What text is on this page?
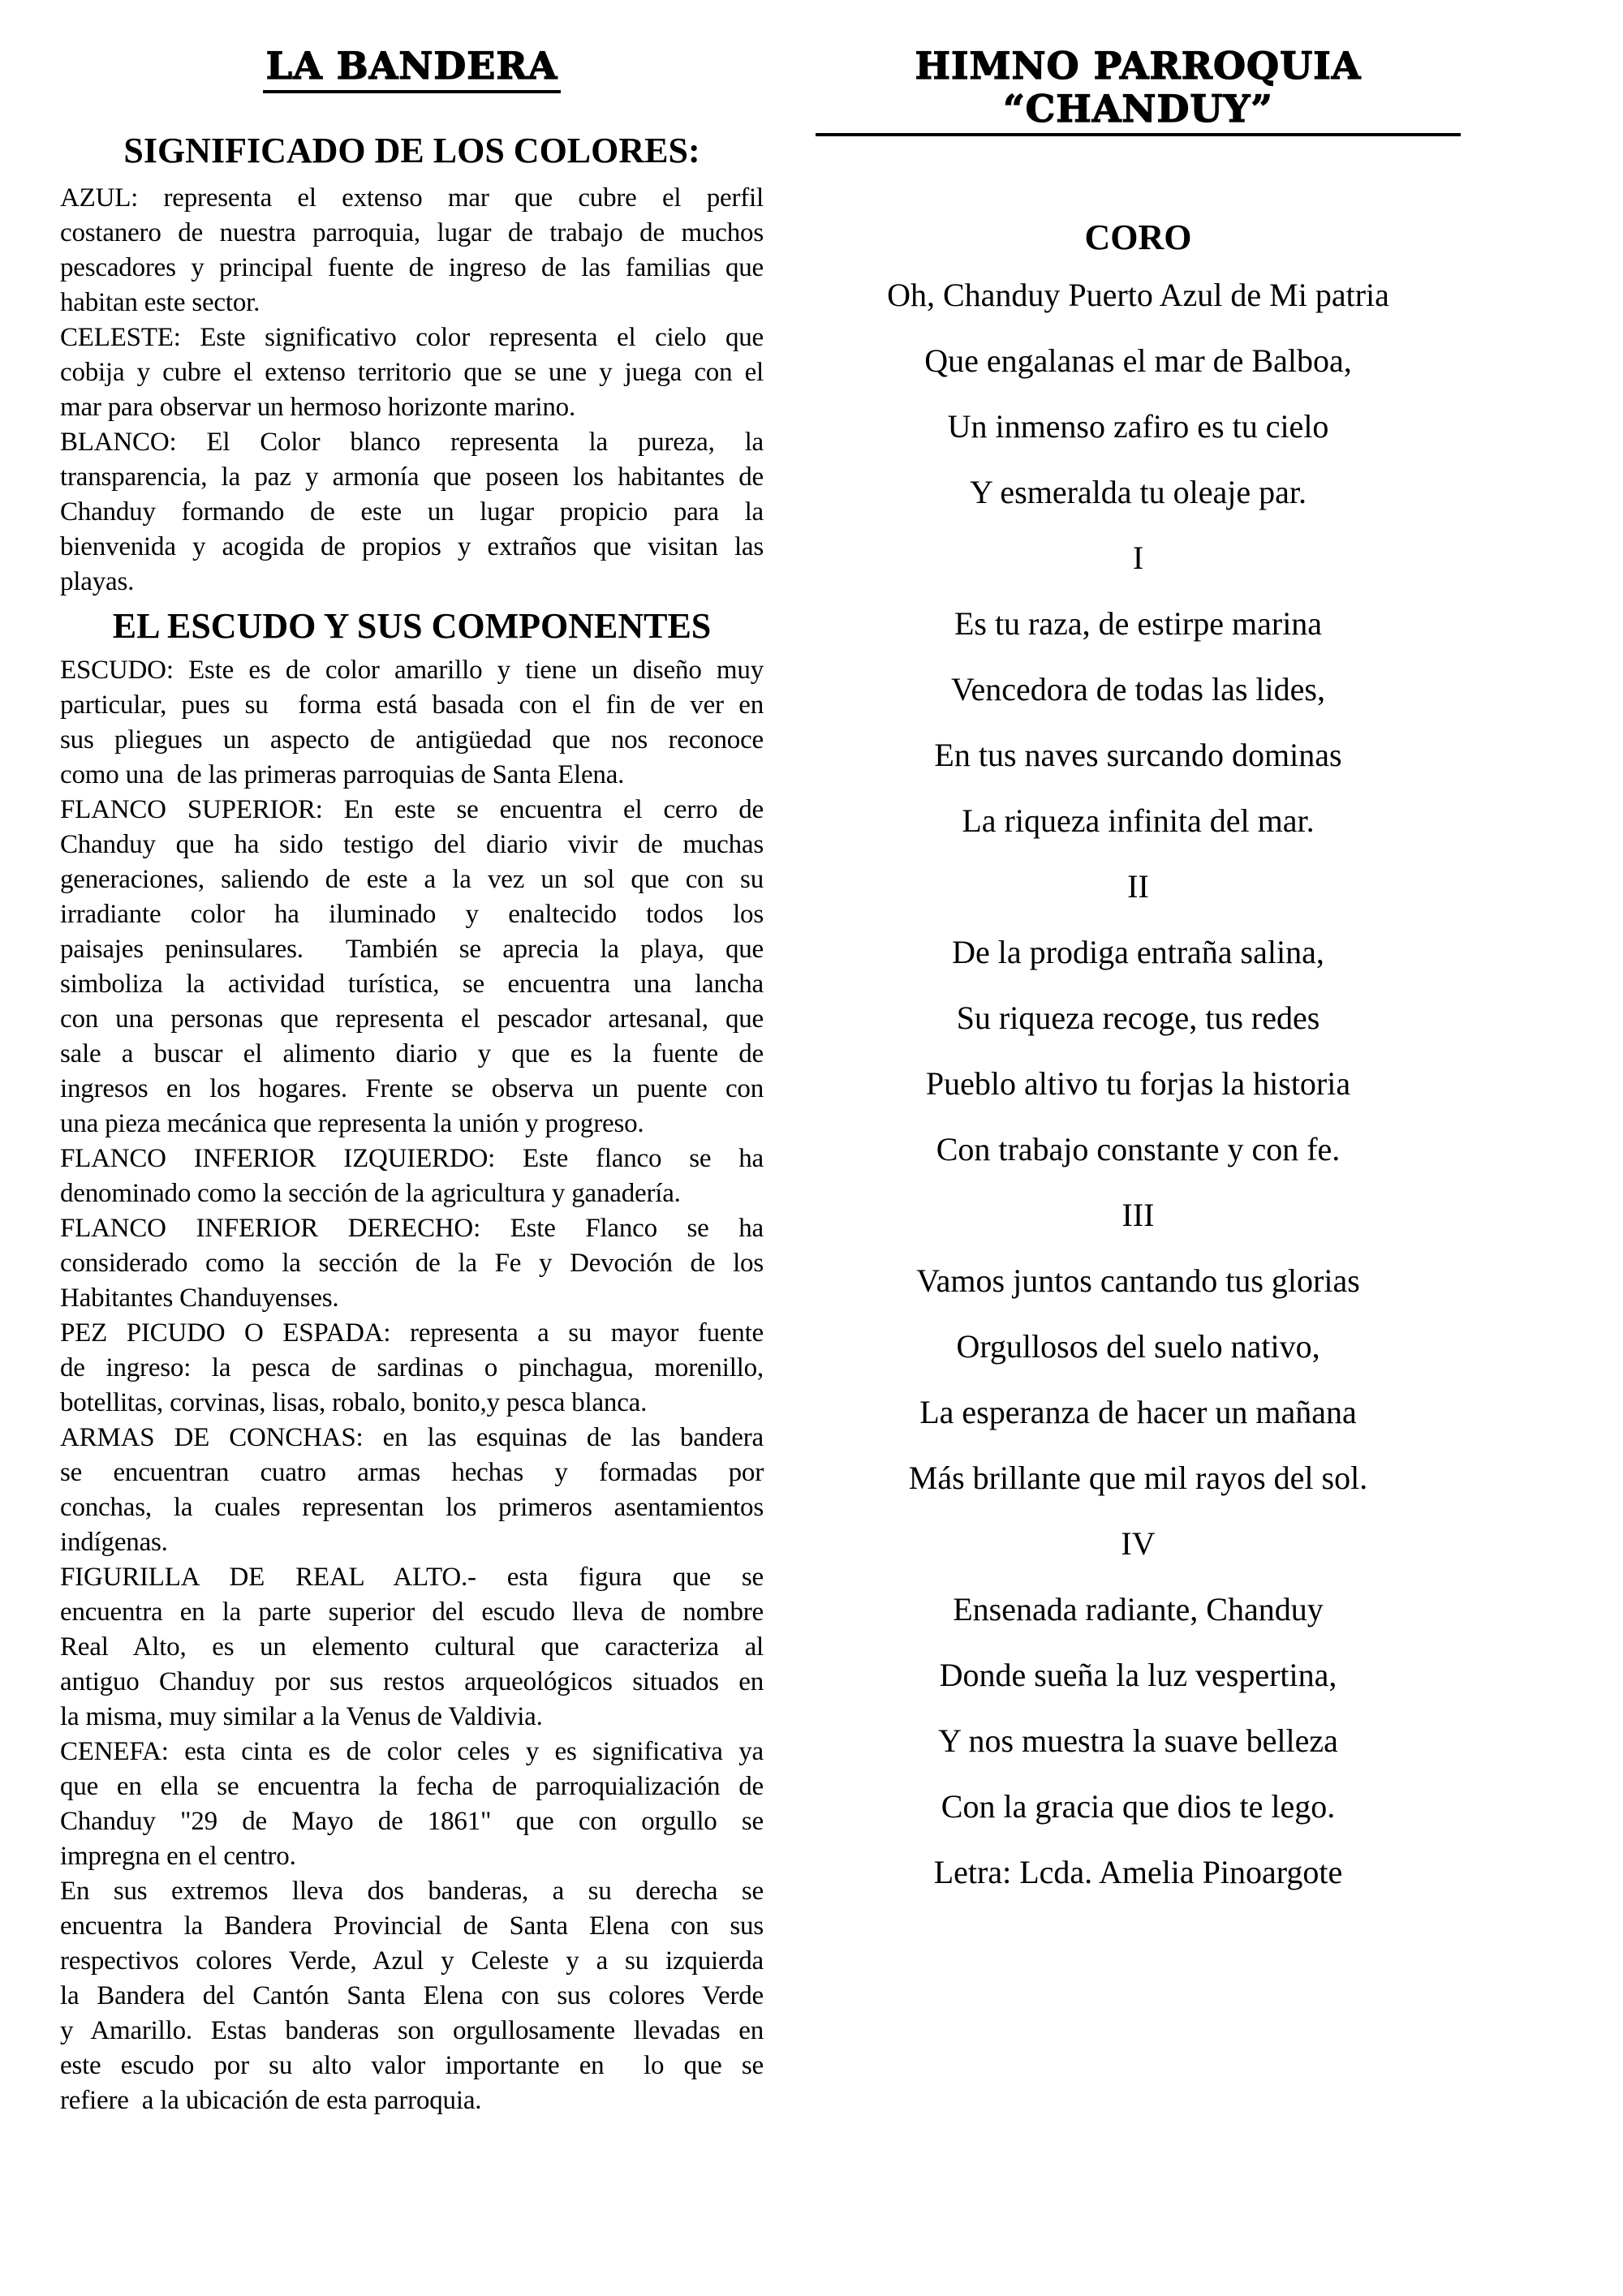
LA BANDERA
SIGNIFICADO DE LOS COLORES:
AZUL: representa el extenso mar que cubre el perfil
costanero de nuestra parroquia, lugar de trabajo de muchos
pescadores y principal fuente de ingreso de las familias que
habitan este sector.
CELESTE: Este significativo color representa el cielo que
cobija y cubre el extenso territorio que se une y juega con el
mar para observar un hermoso horizonte marino.
BLANCO: El Color blanco representa la pureza, la
transparencia, la paz y armonía que poseen los habitantes de
Chanduy formando de este un lugar propicio para la
bienvenida y acogida de propios y extraños que visitan las
playas.
EL ESCUDO Y SUS COMPONENTES
ESCUDO: Este es de color amarillo y tiene un diseño muy
particular, pues su  forma está basada con el fin de ver en
sus pliegues un aspecto de antigüedad que nos reconoce
como una  de las primeras parroquias de Santa Elena.
FLANCO SUPERIOR: En este se encuentra el cerro de
Chanduy que ha sido testigo del diario vivir de muchas
generaciones, saliendo de este a la vez un sol que con su
irradiante color ha iluminado y enaltecido todos los
paisajes peninsulares.  También se aprecia la playa, que
simboliza la actividad turística, se encuentra una lancha
con una personas que representa el pescador artesanal, que
sale a buscar el alimento diario y que es la fuente de
ingresos en los hogares. Frente se observa un puente con
una pieza mecánica que representa la unión y progreso.
FLANCO INFERIOR IZQUIERDO: Este flanco se ha
denominado como la sección de la agricultura y ganadería.
FLANCO INFERIOR DERECHO: Este Flanco se ha
considerado como la sección de la Fe y Devoción de los
Habitantes Chanduyenses.
PEZ PICUDO O ESPADA: representa a su mayor fuente
de ingreso: la pesca de sardinas o pinchagua, morenillo,
botellitas, corvinas, lisas, robalo, bonito,y pesca blanca.
ARMAS DE CONCHAS: en las esquinas de las bandera
se encuentran cuatro armas hechas y formadas por
conchas, la cuales representan los primeros asentamientos
indígenas.
FIGURILLA DE REAL ALTO.- esta figura que se
encuentra en la parte superior del escudo lleva de nombre
Real Alto, es un elemento cultural que caracteriza al
antiguo Chanduy por sus restos arqueológicos situados en
la misma, muy similar a la Venus de Valdivia.
CENEFA: esta cinta es de color celes y es significativa ya
que en ella se encuentra la fecha de parroquialización de
Chanduy "29 de Mayo de 1861" que con orgullo se
impregna en el centro.
En sus extremos lleva dos banderas, a su derecha se
encuentra la Bandera Provincial de Santa Elena con sus
respectivos colores Verde, Azul y Celeste y a su izquierda
la Bandera del Cantón Santa Elena con sus colores Verde
y Amarillo. Estas banderas son orgullosamente llevadas en
este escudo por su alto valor importante en  lo que se
refiere  a la ubicación de esta parroquia.
HIMNO PARROQUIA “CHANDUY”
CORO
Oh, Chanduy Puerto Azul de Mi patria
Que engalanas el mar de Balboa,
Un inmenso zafiro es tu cielo
Y esmeralda tu oleaje par.
I
Es tu raza, de estirpe marina
Vencedora de todas las lides,
En tus naves surcando dominas
La riqueza infinita del mar.
II
De la prodiga entraña salina,
Su riqueza recoge, tus redes
Pueblo altivo tu forjas la historia
Con trabajo constante y con fe.
III
Vamos juntos cantando tus glorias
Orgullosos del suelo nativo,
La esperanza de hacer un mañana
Más brillante que mil rayos del sol.
IV
Ensenada radiante, Chanduy
Donde sueña la luz vespertina,
Y nos muestra la suave belleza
Con la gracia que dios te lego.
Letra: Lcda. Amelia Pinoargote
